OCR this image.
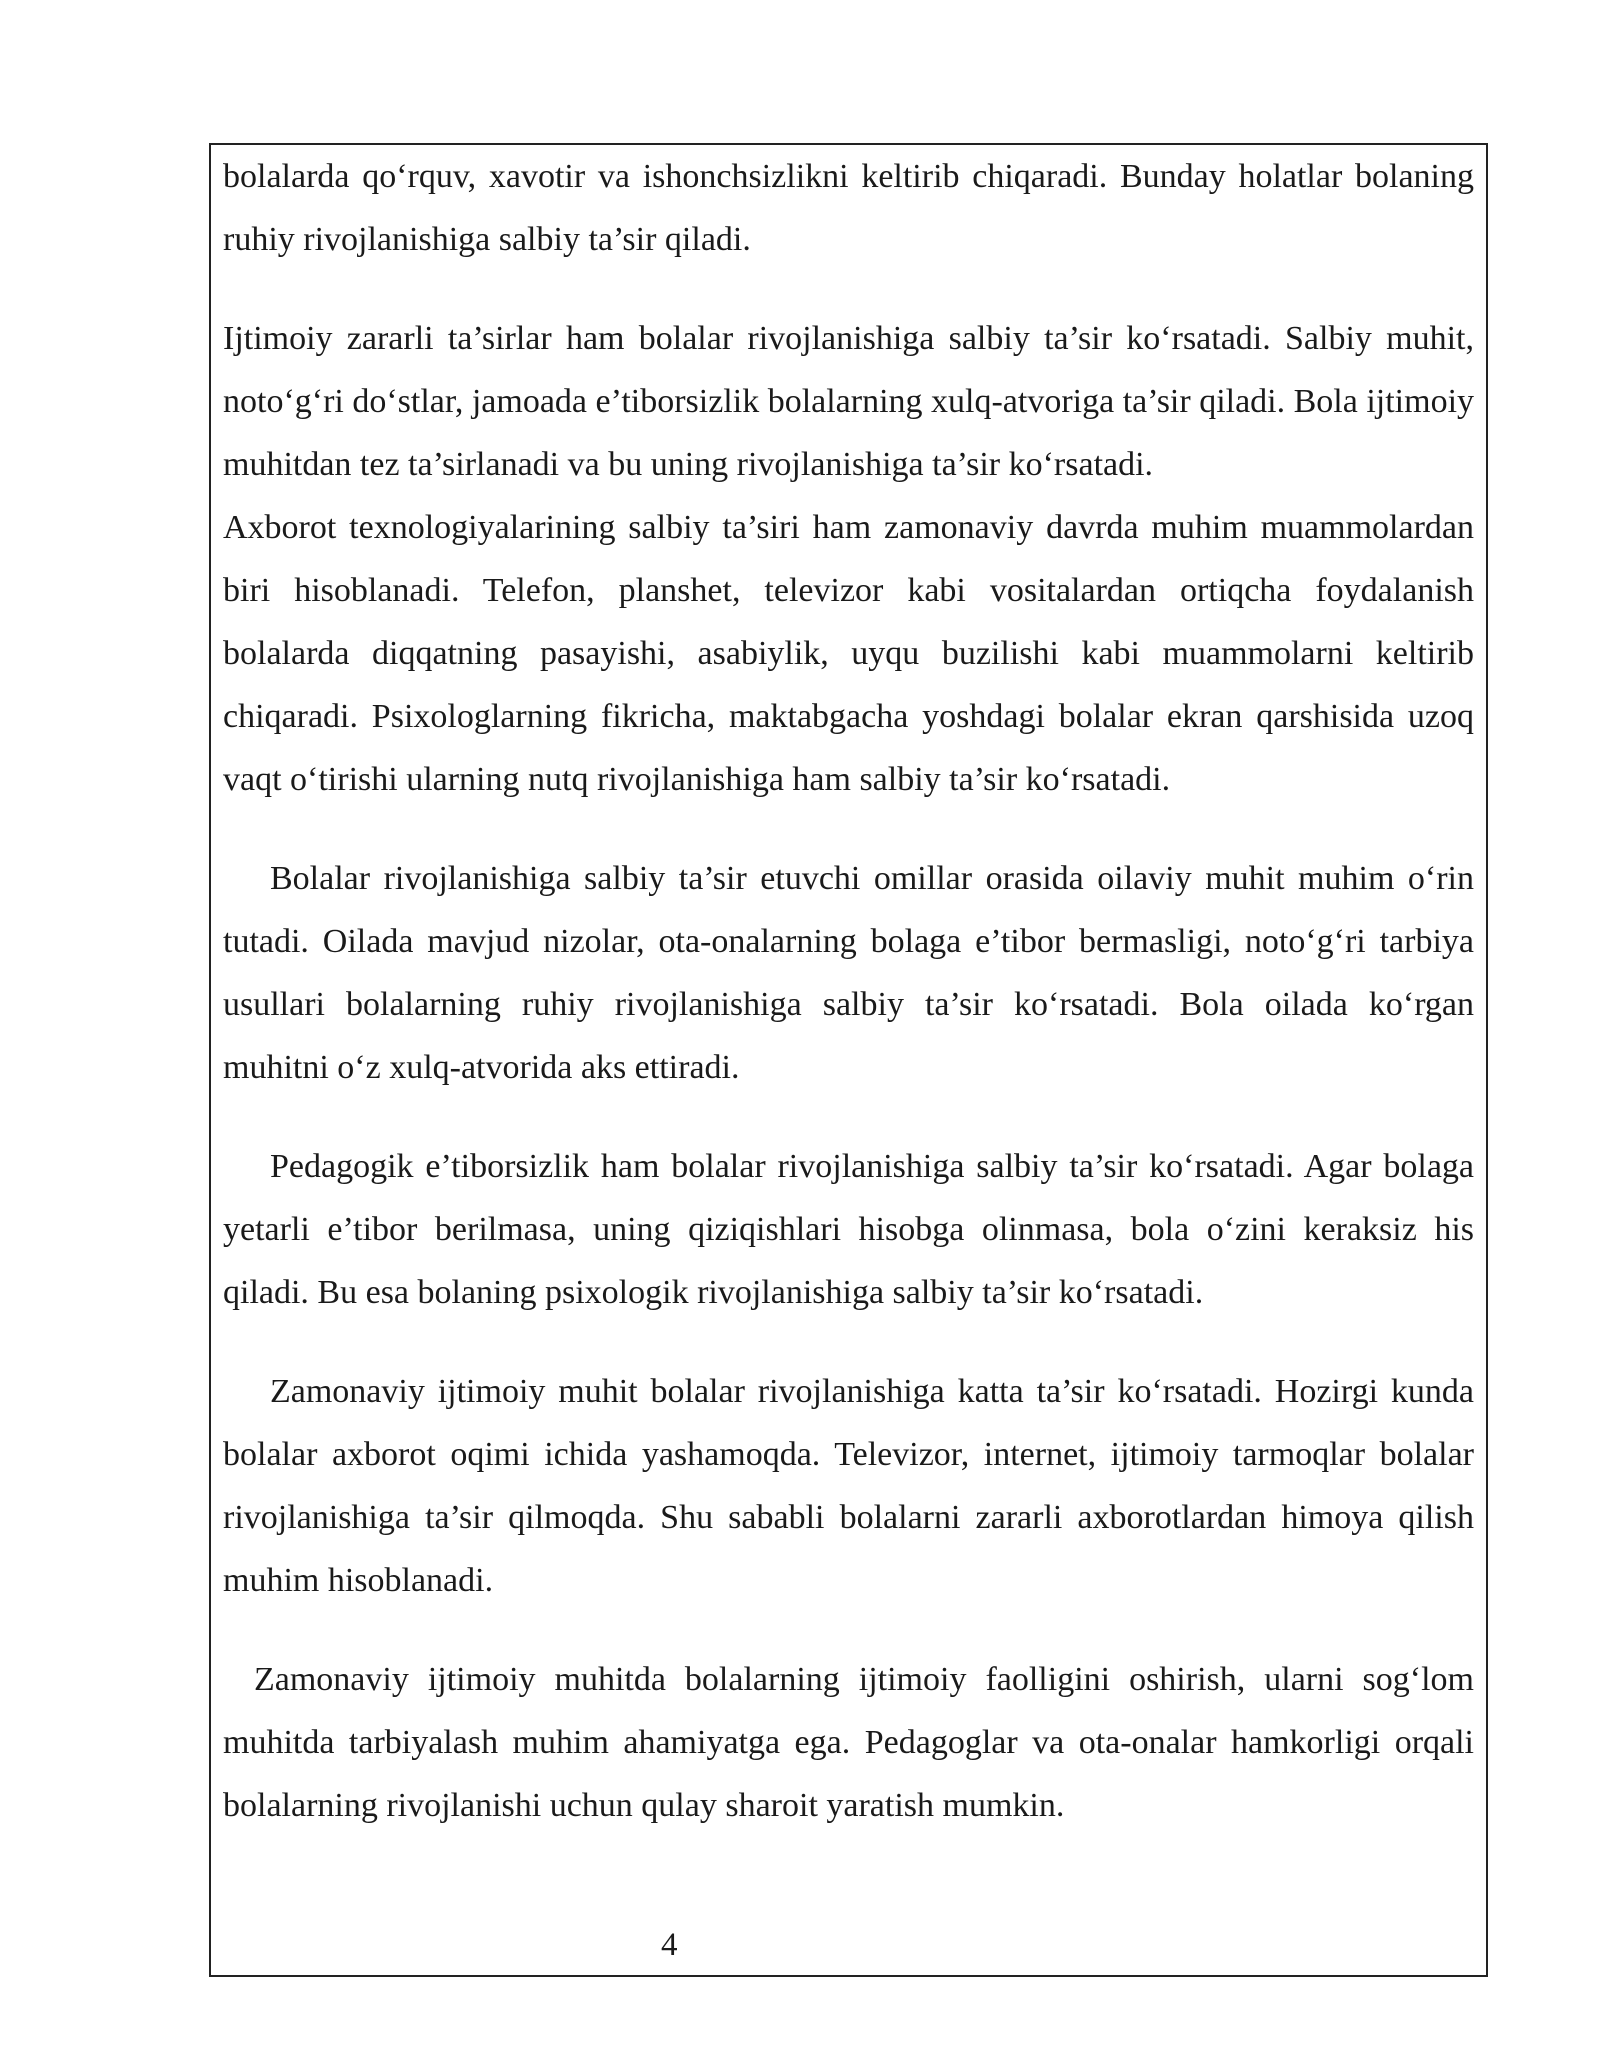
bolalarda qo‘rquv, xavotir va ishonchsizlikni keltirib chiqaradi. Bunday holatlar bolaning ruhiy rivojlanishiga salbiy ta’sir qiladi.

Ijtimoiy zararli ta’sirlar ham bolalar rivojlanishiga salbiy ta’sir ko‘rsatadi. Salbiy muhit, noto‘g‘ri do‘stlar, jamoada e’tiborsizlik bolalarning xulq-atvoriga ta’sir qiladi. Bola ijtimoiy muhitdan tez ta’sirlanadi va bu uning rivojlanishiga ta’sir ko‘rsatadi.

Axborot texnologiyalarining salbiy ta’siri ham zamonaviy davrda muhim muammolardan biri hisoblanadi. Telefon, planshet, televizor kabi vositalardan ortiqcha foydalanish bolalarda diqqatning pasayishi, asabiylik, uyqu buzilishi kabi muammolarni keltirib chiqaradi. Psixologlarning fikricha, maktabgacha yoshdagi bolalar ekran qarshisida uzoq vaqt o‘tirishi ularning nutq rivojlanishiga ham salbiy ta’sir ko‘rsatadi.

Bolalar rivojlanishiga salbiy ta’sir etuvchi omillar orasida oilaviy muhit muhim o‘rin tutadi. Oilada mavjud nizolar, ota-onalarning bolaga e’tibor bermasligi, noto‘g‘ri tarbiya usullari bolalarning ruhiy rivojlanishiga salbiy ta’sir ko‘rsatadi. Bola oilada ko‘rgan muhitni o‘z xulq-atvorida aks ettiradi.

Pedagogik e’tiborsizlik ham bolalar rivojlanishiga salbiy ta’sir ko‘rsatadi. Agar bolaga yetarli e’tibor berilmasa, uning qiziqishlari hisobga olinmasa, bola o‘zini keraksiz his qiladi. Bu esa bolaning psixologik rivojlanishiga salbiy ta’sir ko‘rsatadi.

Zamonaviy ijtimoiy muhit bolalar rivojlanishiga katta ta’sir ko‘rsatadi. Hozirgi kunda bolalar axborot oqimi ichida yashamoqda. Televizor, internet, ijtimoiy tarmoqlar bolalar rivojlanishiga ta’sir qilmoqda. Shu sababli bolalarni zararli axborotlardan himoya qilish muhim hisoblanadi.

Zamonaviy ijtimoiy muhitda bolalarning ijtimoiy faolligini oshirish, ularni sog‘lom muhitda tarbiyalash muhim ahamiyatga ega. Pedagoglar va ota-onalar hamkorligi orqali bolalarning rivojlanishi uchun qulay sharoit yaratish mumkin.

4
